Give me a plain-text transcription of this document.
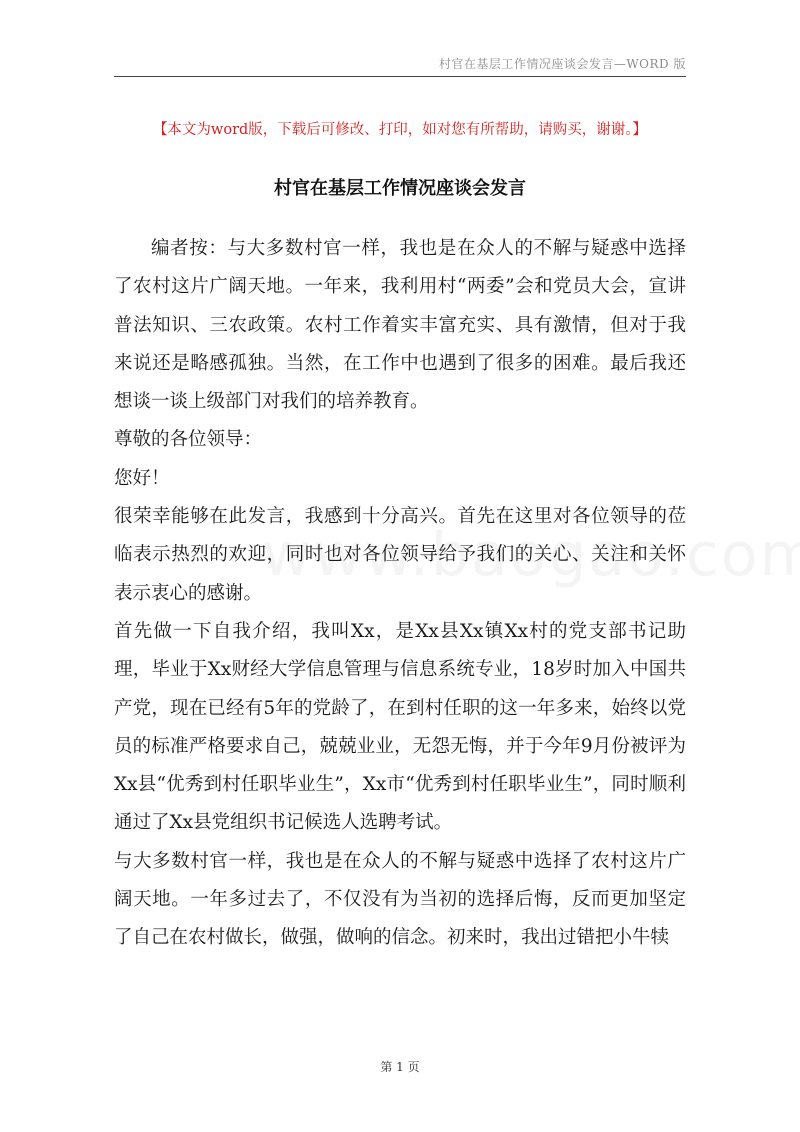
村官在基层工作情况座谈会发言—WORD 版
【本文为word版，下载后可修改、打印，如对您有所帮助，请购买，谢谢。】
村官在基层工作情况座谈会发言

编者按：与大多数村官一样，我也是在众人的不解与疑惑中选择了农村这片广阔天地。一年来，我利用村“两委”会和党员大会，宣讲普法知识、三农政策。农村工作着实丰富充实、具有激情，但对于我来说还是略感孤独。当然，在工作中也遇到了很多的困难。最后我还想谈一谈上级部门对我们的培养教育。

尊敬的各位领导：

您好！

很荣幸能够在此发言，我感到十分高兴。首先在这里对各位领导的莅临表示热烈的欢迎，同时也对各位领导给予我们的关心、关注和关怀表示衷心的感谢。

首先做一下自我介绍，我叫Xx，是Xx县Xx镇Xx村的党支部书记助理，毕业于Xx财经大学信息管理与信息系统专业，18岁时加入中国共产党，现在已经有5年的党龄了，在到村任职的这一年多来，始终以党员的标准严格要求自己，兢兢业业，无怨无悔，并于今年9月份被评为Xx县“优秀到村任职毕业生”，Xx市“优秀到村任职毕业生”，同时顺利通过了Xx县党组织书记候选人选聘考试。

与大多数村官一样，我也是在众人的不解与疑惑中选择了农村这片广阔天地。一年多过去了，不仅没有为当初的选择后悔，反而更加坚定了自己在农村做长，做强，做响的信念。初来时，我出过错把小牛犊

第 1 页
